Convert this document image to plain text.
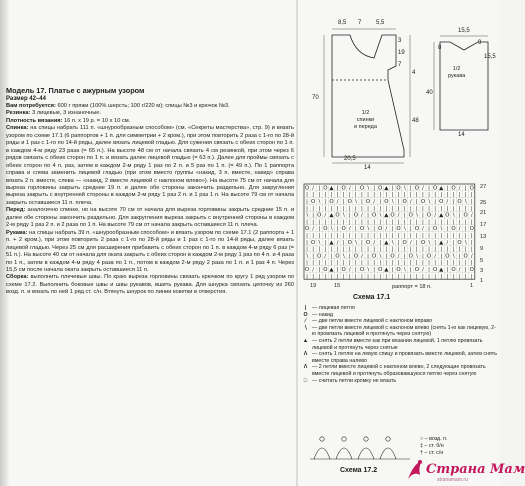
Модель 17. Платье с ажурным узором

Размер 42–44

Вам потребуется: 600 г пряжи (100% шерсть; 100 г/220 м); спицы №3 и крючок №3.

Резинка: 3 лицевые, 3 изнаночные.

Плотность вязания: 16 п. х 19 р. = 10 х 10 см.

Спинка: на спицы набрать 111 п. «шнурообразным способом» (см. «Секреты мастерства», стр. 9) и вязать узором по схеме 17.1 (6 раппортов + 1 п. для симметрии + 2 кром.), при этом повторить 2 раза с 1-го по 28-й ряды и 1 раз с 1-го по 14-й ряды, далее вязать лицевой гладью. Для сужения связать с обеих сторон по 1 п. в каждом 4-м ряду 23 раза (= 65 п.). На высоте 48 см от начала связать 4 см резинкой, при этом через 6 рядов связать с обеих сторон по 1 п. и вязать далее лицевой гладью (= 63 п.). Далее для проймы связать с обеих сторон по 4 п. раз, затем в каждом 2-м ряду 1 раз по 2 п. и 5 раз по 1 п. (= 49 п.). По 1 раппорта справа и слева заменить лицевой гладью (при этом вместо группы «накид, 3 п. вместе, накид» справа вязать 2 п. вместе, слева — «накид, 2 вместе лицевой с наклоном влево»). На высоте 75 см от начала для выреза горловины закрыть средние 19 п. и далее обе стороны закончить раздельно. Для закругления выреза закрыть с внутренней стороны в каждом 2-м ряду 1 раз 2 п. и 1 раз 1 п. На высоте 79 см от начала закрыть оставшиеся 11 п. плеча.

Перед: аналогично спинке, но на высоте 70 см от начала для выреза горловины закрыть средние 15 п. и далее обе стороны закончить раздельно. Для закругления выреза закрыть с внутренней стороны в каждом 2-м ряду 1 раз 2 п. и 2 раза по 1 п. На высоте 79 см от начала закрыть оставшиеся 11 п. плеча.

Рукава: на спицы набрать 39 п. «шнурообразным способом» и вязать узором по схеме 17.1 (2 раппорта + 1 п. + 2 кром.), при этом повторить 2 раза с 1-го по 28-й ряды и 1 раз с 1-го по 14-й ряды, далее вязать лицевой гладью. Через 25 см для расширения прибавить с обеих сторон по 1 п. в каждом 4-м ряду 6 раз (= 51 п.). На высоте 40 см от начала для оката закрыть с обеих сторон в каждом 2-м ряду 1 раз по 4 п. и 4 раза по 1 п., затем в каждом 4-м ряду 4 раза по 1 п., потом в каждом 2-м ряду 2 раза по 1 п. и 1 раз 4 п. Через 15,5 см после начала оката закрыть оставшиеся 11 п.

Сборка: выполнить плечевые швы. По краю выреза горловины связать крючком по кругу 1 ряд узором по схеме 17.2. Выполнить боковые швы и швы рукавов, вшить рукава. Для шнурка связать цепочку из 260 возд. п. и вязать по ней 1 ряд ст. с/н. Втянуть шнурок по линии кокетки в отверстия.

8,5 7 5,5
3
19
4
7
70
48
1/2
спинки
и переда
20,5
14
15,5
8
9
15,5
40
1/2
рукава
14
O ∕ | O ▲ | O ∕ | O ∖ | O ▲ | O ∖ | O ∕ | O ▲ | O ∕ | O
| | | | | | | | | | | | | | | | | | | | | | | | | | | |
| O ∖ | O ∕ | O ∖ | O ∕ | O ∖ | O ∕ | O ∖ | O ∕ | O ∖ |
| | | | | | | | | | | | | | | | | | | | | | | | | | | |
∖ | O ∕ ▲ O ∖ | O ∕ | O ∖ ▲ O ∕ | O ∖ | O ∕ ▲ O ∖ | O ∕
| | | | | | | | | | | | | | | | | | | | | | | | | | | |
O ∕ | O ∖ | O ∕ | O ∖ | O ∕ | O ∖ | O ∕ | O ∖ | O ∕ | O
| | | | | | | | | | | | | | | | | | | | | | | | | | | |
| O ∖ | ▲ ∕ | O ∖ | O ∕ | ▲ ∖ | O ∕ | O ∖ | ▲ ∕ | O ∖ |
| | | | | | | | | | | | | | | | | | | | | | | | | | | |
∖ | O ∕ | O ∖ | O ∕ | O ∖ | O ∕ | O ∖ | O ∕ | O ∖ | O ∕
| | | | | | | | | | | | | | | | | | | | | | | | | | | |
O ∕ | O ▲ | O ∕ | O ∖ | O ▲ | O ∖ | O ∕ | O ▲ | O ∕ | O
| | | | | | | | | | | | | | | | | | | | | | | | | | | |
27
25
21
17
13
9
5
3
1
19	15	1
раппорт = 18 п.
Схема 17.1
|	— лицевая петля
O — накид
∕	— две петли вместе лицевой с наклоном вправо
∖ — две петли вместе лицевой с наклоном влево (снять 1-ю как лицевую, 2-ю провязать лицевой и протянуть через снятую)
▲ — снять 2 петли вместе как при вязании лицевой, 1 петлю провязать лицевой и протянуть через снятые
Λ — снять 1 петлю на левую спицу и провязать вместе лицевой, затем снять вместе справа налево
Λ — 2 петли вместе лицевой с наклоном влево, 2 следующие провязать вместе лицевой и протянуть образовавшуюся петлю через снятую
□ — считать петли кромку не вязать
Схема 17.2
○ – возд. п.
‡ – ст. б/н
† – ст. с/н
Страна Мам
stranamam.ru
